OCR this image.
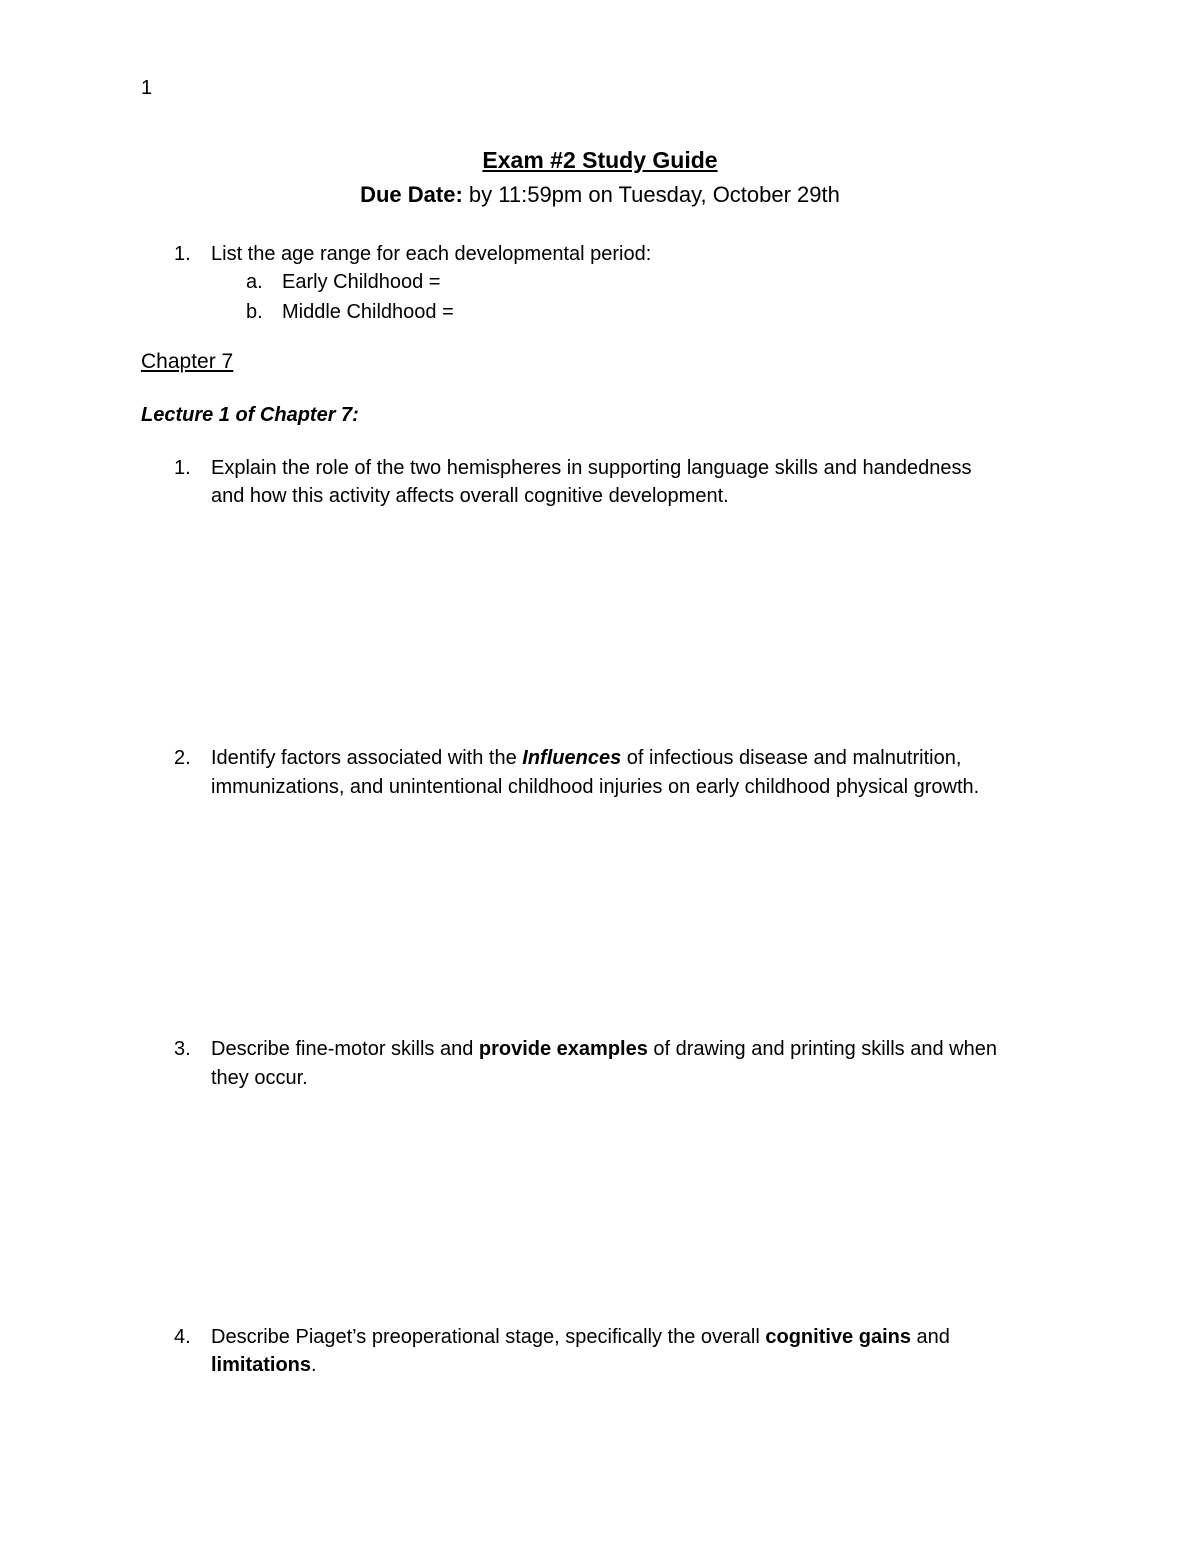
1
Exam #2 Study Guide
Due Date: by 11:59pm on Tuesday, October 29th
1. List the age range for each developmental period:
a. Early Childhood =
b. Middle Childhood =
Chapter 7
Lecture 1 of Chapter 7:
1. Explain the role of the two hemispheres in supporting language skills and handedness
and how this activity affects overall cognitive development.
2. Identify factors associated with the Influences of infectious disease and malnutrition,
immunizations, and unintentional childhood injuries on early childhood physical growth.
3. Describe fine-motor skills and provide examples of drawing and printing skills and when
they occur.
4. Describe Piaget’s preoperational stage, specifically the overall cognitive gains and
limitations.
